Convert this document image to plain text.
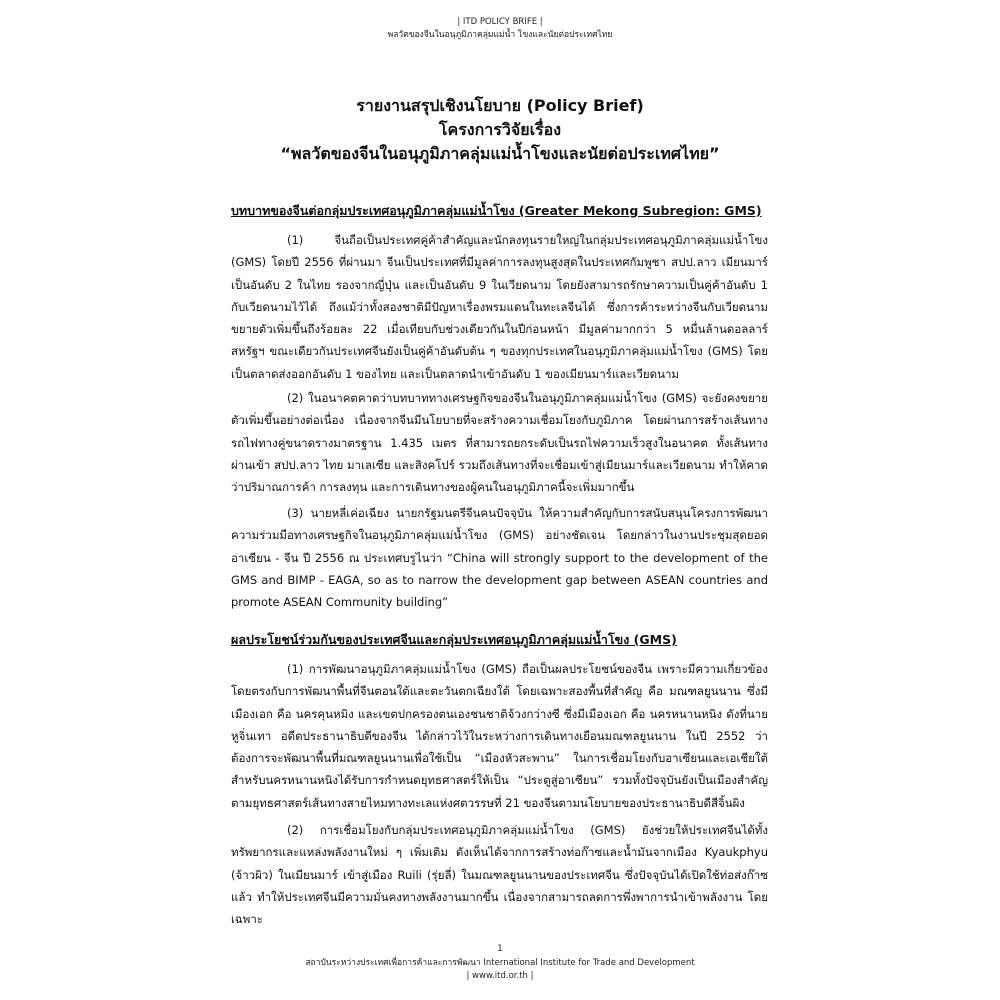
| ITD POLICY BRIFE |
พลวัตของจีนในอนุภูมิภาคลุ่มแม่น้ำ โขงและนัยต่อประเทศไทย
รายงานสรุปเชิงนโยบาย (Policy Brief)
โครงการวิจัยเรื่อง
“พลวัตของจีนในอนุภูมิภาคลุ่มแม่น้ำโขงและนัยต่อประเทศไทย”
บทบาทของจีนต่อกลุ่มประเทศอนุภูมิภาคลุ่มแม่น้ำโขง (Greater Mekong Subregion: GMS)
(1) จีนถือเป็นประเทศคู่ค้าสำคัญและนักลงทุนรายใหญ่ในกลุ่มประเทศอนุภูมิภาคลุ่มแม่น้ำโขง (GMS) โดยปี 2556 ที่ผ่านมา จีนเป็นประเทศที่มีมูลค่าการลงทุนสูงสุดในประเทศกัมพูชา สปป.ลาว เมียนมาร์ เป็นอันดับ 2 ในไทย รองจากญี่ปุ่น และเป็นอันดับ 9 ในเวียดนาม โดยยังสามารถรักษาความเป็นคู่ค้าอันดับ 1 กับเวียดนามไว้ได้ ถึงแม้ว่าทั้งสองชาติมีปัญหาเรื่องพรมแดนในทะเลจีนได้ ซึ่งการค้าระหว่างจีนกับเวียดนามขยายตัวเพิ่มขึ้นถึงร้อยละ 22 เมื่อเทียบกับช่วงเดียวกันในปีก่อนหน้า มีมูลค่ามากกว่า 5 หมื่นล้านดอลลาร์สหรัฐฯ ขณะเดียวกันประเทศจีนยังเป็นคู่ค้าอันดับต้น ๆ ของทุกประเทศในอนุภูมิภาคลุ่มแม่น้ำโขง (GMS) โดยเป็นตลาดส่งออกอันดับ 1 ของไทย และเป็นตลาดนำเข้าอันดับ 1 ของเมียนมาร์และเวียดนาม
(2) ในอนาคตคาดว่าบทบาททางเศรษฐกิจของจีนในอนุภูมิภาคลุ่มแม่น้ำโขง (GMS) จะยังคงขยายตัวเพิ่มขึ้นอย่างต่อเนื่อง เนื่องจากจีนมีนโยบายที่จะสร้างความเชื่อมโยงกับภูมิภาค โดยผ่านการสร้างเส้นทางรถไฟทางคู่ขนาดรางมาตรฐาน 1.435 เมตร ที่สามารถยกระดับเป็นรถไฟความเร็วสูงในอนาคต ทั้งเส้นทางผ่านเข้า สปป.ลาว ไทย มาเลเซีย และสิงคโปร์ รวมถึงเส้นทางที่จะเชื่อมเข้าสู่เมียนมาร์และเวียดนาม ทำให้คาดว่าปริมาณการค้า การลงทุน และการเดินทางของผู้คนในอนุภูมิภาคนี้จะเพิ่มมากขึ้น
(3) นายหลี่เค่อเฉียง นายกรัฐมนตรีจีนคนปัจจุบัน ให้ความสำคัญกับการสนับสนุนโครงการพัฒนาความร่วมมือทางเศรษฐกิจในอนุภูมิภาคลุ่มแม่น้ำโขง (GMS) อย่างชัดเจน โดยกล่าวในงานประชุมสุดยอดอาเซียน - จีน ปี 2556 ณ ประเทศบรูไนว่า “China will strongly support to the development of the GMS and BIMP - EAGA, so as to narrow the development gap between ASEAN countries and promote ASEAN Community building”
ผลประโยชน์ร่วมกันของประเทศจีนและกลุ่มประเทศอนุภูมิภาคลุ่มแม่น้ำโขง (GMS)
(1) การพัฒนาอนุภูมิภาคลุ่มแม่น้ำโขง (GMS) ถือเป็นผลประโยชน์ของจีน เพราะมีความเกี่ยวข้องโดยตรงกับการพัฒนาพื้นที่จีนตอนใต้และตะวันตกเฉียงใต้ โดยเฉพาะสองพื้นที่สำคัญ คือ มณฑลยูนนาน ซึ่งมีเมืองเอก คือ นครคุนหมิง และเขตปกครองตนเองชนชาติจ้วงกว่างซี ซึ่งมีเมืองเอก คือ นครหนานหนิง ดังที่นายหูจิ่นเทา อดีตประธานาธิบดีของจีน ได้กล่าวไว้ในระหว่างการเดินทางเยือนมณฑลยูนนาน ในปี 2552 ว่าต้องการจะพัฒนาพื้นที่มณฑลยูนนานเพื่อใช้เป็น “เมืองหัวสะพาน” ในการเชื่อมโยงกับอาเซียนและเอเชียใต้ สำหรับนครหนานหนิงได้รับการกำหนดยุทธศาสตร์ให้เป็น “ประตูสู่อาเซียน” รวมทั้งปัจจุบันยังเป็นเมืองสำคัญตามยุทธศาสตร์เส้นทางสายไหมทางทะเลแห่งศตวรรษที่ 21 ของจีนตามนโยบายของประธานาธิบดีสีจิ้นผิง
(2) การเชื่อมโยงกับกลุ่มประเทศอนุภูมิภาคลุ่มแม่น้ำโขง (GMS) ยังช่วยให้ประเทศจีนได้ทั้งทรัพยากรและแหล่งพลังงานใหม่ ๆ เพิ่มเติม ดังเห็นได้จากการสร้างท่อก๊าซและน้ำมันจากเมือง Kyaukphyu (จ้าวผิว) ในเมียนมาร์ เข้าสู่เมือง Ruili (รุ่ยลี่) ในมณฑลยูนนานของประเทศจีน ซึ่งปัจจุบันได้เปิดใช้ท่อส่งก๊าซแล้ว ทำให้ประเทศจีนมีความมั่นคงทางพลังงานมากขึ้น เนื่องจากสามารถลดการพึ่งพาการนำเข้าพลังงาน โดยเฉพาะ
1
สถาบันระหว่างประเทศเพื่อการค้าและการพัฒนา International Institute for Trade and Development
| www.itd.or.th |
